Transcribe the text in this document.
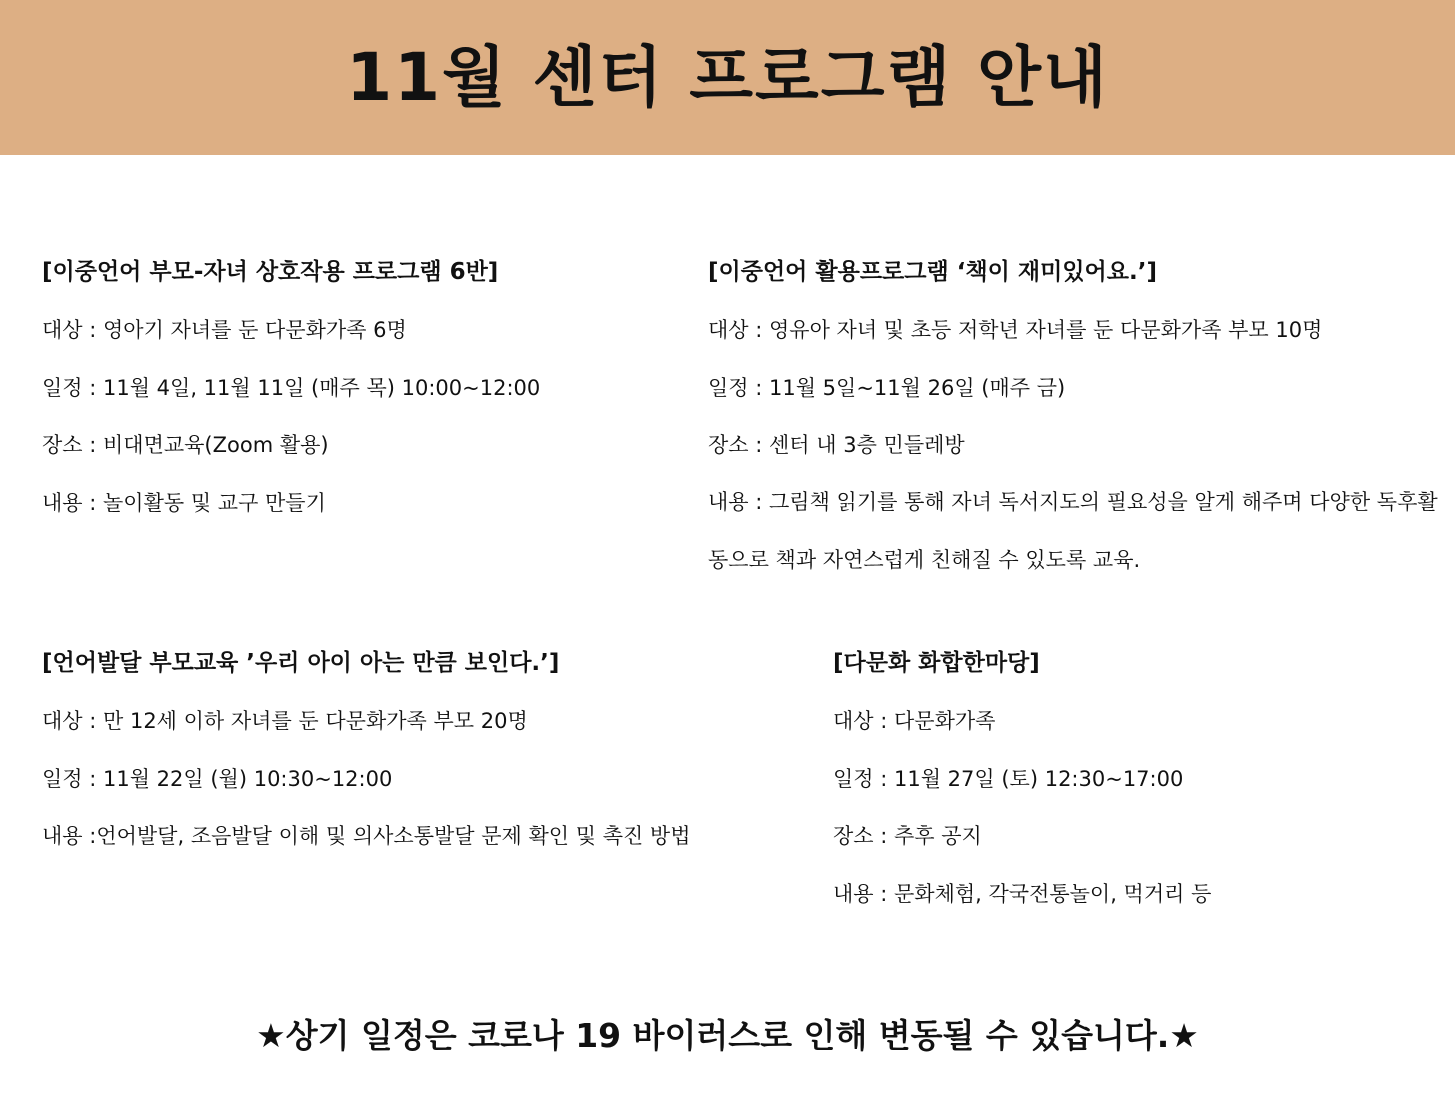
11월 센터 프로그램 안내
[이중언어 부모-자녀 상호작용 프로그램 6반]
대상 : 영아기 자녀를 둔 다문화가족 6명
일정 : 11월 4일, 11월 11일 (매주 목) 10:00~12:00
장소 : 비대면교육(Zoom 활용)
내용 : 놀이활동 및 교구 만들기
[이중언어 활용프로그램 ‘책이 재미있어요.’]
대상 : 영유아 자녀 및 초등 저학년 자녀를 둔 다문화가족 부모 10명
일정 : 11월 5일~11월 26일 (매주 금)
장소 : 센터 내 3층 민들레방
내용 : 그림책 읽기를 통해 자녀 독서지도의 필요성을 알게 해주며 다양한 독후활동으로 책과 자연스럽게 친해질 수 있도록 교육.
[언어발달 부모교육 ’우리 아이 아는 만큼 보인다.’]
대상 : 만 12세 이하 자녀를 둔 다문화가족 부모 20명
일정 : 11월 22일 (월) 10:30~12:00
내용 :언어발달, 조음발달 이해 및 의사소통발달 문제 확인 및 촉진 방법
[다문화 화합한마당]
대상 : 다문화가족
일정 : 11월 27일 (토) 12:30~17:00
장소 : 추후 공지
내용 : 문화체험, 각국전통놀이, 먹거리 등
★상기 일정은 코로나 19 바이러스로 인해 변동될 수 있습니다.★
